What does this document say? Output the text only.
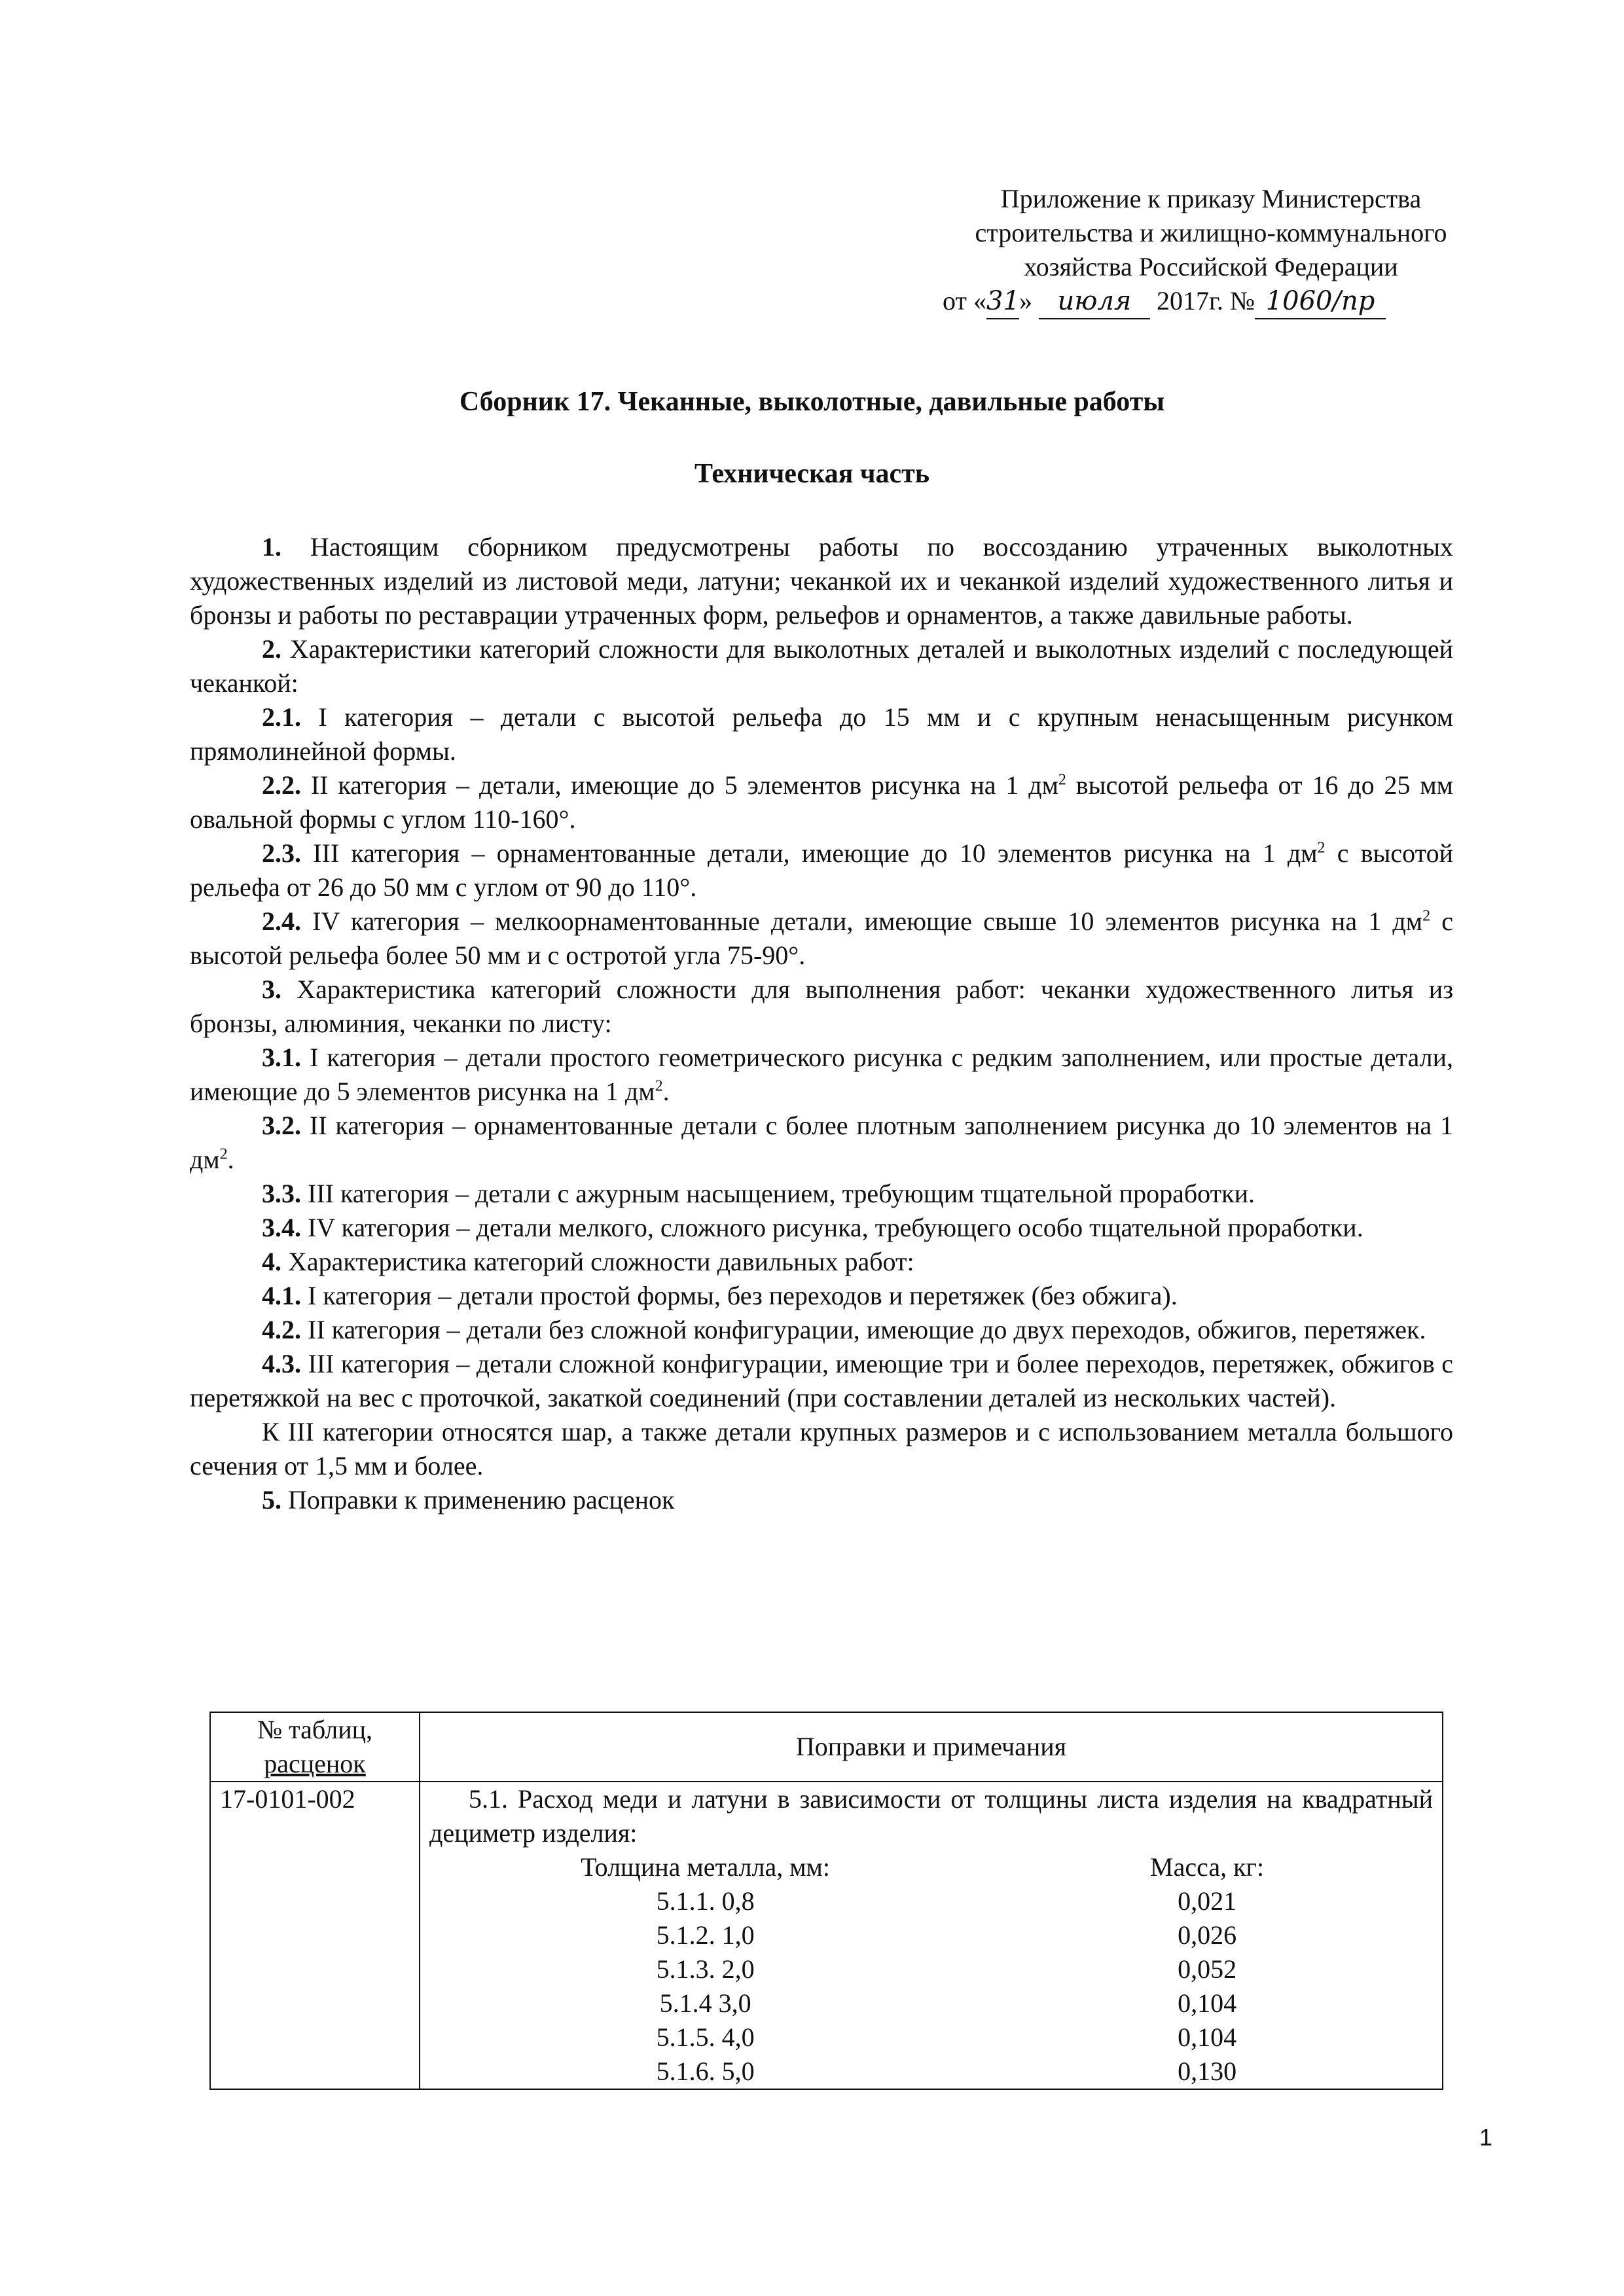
Приложение к приказу Министерства
строительства и жилищно-коммунального
хозяйства Российской Федерации
от «31» июля 2017г. № 1060/пр
Сборник 17. Чеканные, выколотные, давильные работы
Техническая часть

1. Настоящим сборником предусмотрены работы по воссозданию утраченных выколотных художественных изделий из листовой меди, латуни; чеканкой их и чеканкой изделий художественного литья и бронзы и работы по реставрации утраченных форм, рельефов и орнаментов, а также давильные работы.

2. Характеристики категорий сложности для выколотных деталей и выколотных изделий с последующей чеканкой:

2.1. I категория – детали с высотой рельефа до 15 мм и с крупным ненасыщенным рисунком прямолинейной формы.

2.2. II категория – детали, имеющие до 5 элементов рисунка на 1 $дм^2$ высотой рельефа от 16 до 25 мм овальной формы с углом 110-160°.

2.3. III категория – орнаментованные детали, имеющие до 10 элементов рисунка на 1 $дм^2$ с высотой рельефа от 26 до 50 мм с углом от 90 до 110°.

2.4. IV категория – мелкоорнаментованные детали, имеющие свыше 10 элементов рисунка на 1 $дм^2$ с высотой рельефа более 50 мм и с остротой угла 75-90°.

3. Характеристика категорий сложности для выполнения работ: чеканки художественного литья из бронзы, алюминия, чеканки по листу:

3.1. I категория – детали простого геометрического рисунка с редким заполнением, или простые детали, имеющие до 5 элементов рисунка на 1 $дм^2$.

3.2. II категория – орнаментованные детали с более плотным заполнением рисунка до 10 элементов на 1 $дм^2$.

3.3. III категория – детали с ажурным насыщением, требующим тщательной проработки.

3.4. IV категория – детали мелкого, сложного рисунка, требующего особо тщательной проработки.

4. Характеристика категорий сложности давильных работ:

4.1. I категория – детали простой формы, без переходов и перетяжек (без обжига).

4.2. II категория – детали без сложной конфигурации, имеющие до двух переходов, обжигов, перетяжек.

4.3. III категория – детали сложной конфигурации, имеющие три и более переходов, перетяжек, обжигов с перетяжкой на вес с проточкой, закаткой соединений (при составлении деталей из нескольких частей).

К III категории относятся шар, а также детали крупных размеров и с использованием металла большого сечения от 1,5 мм и более.

5. Поправки к применению расценок

№ таблиц,
расценок
	Поправки и примечания
17-0101-002	5.1. Расход меди и латуни в зависимости от толщины листа изделия на квадратный дециметр изделия:
Толщина металла, мм:	Масса, кг:
5.1.1. 0,8	0,021
5.1.2. 1,0	0,026
5.1.3. 2,0	0,052
5.1.4 3,0	0,104
5.1.5. 4,0	0,104
5.1.6. 5,0	0,130
1
